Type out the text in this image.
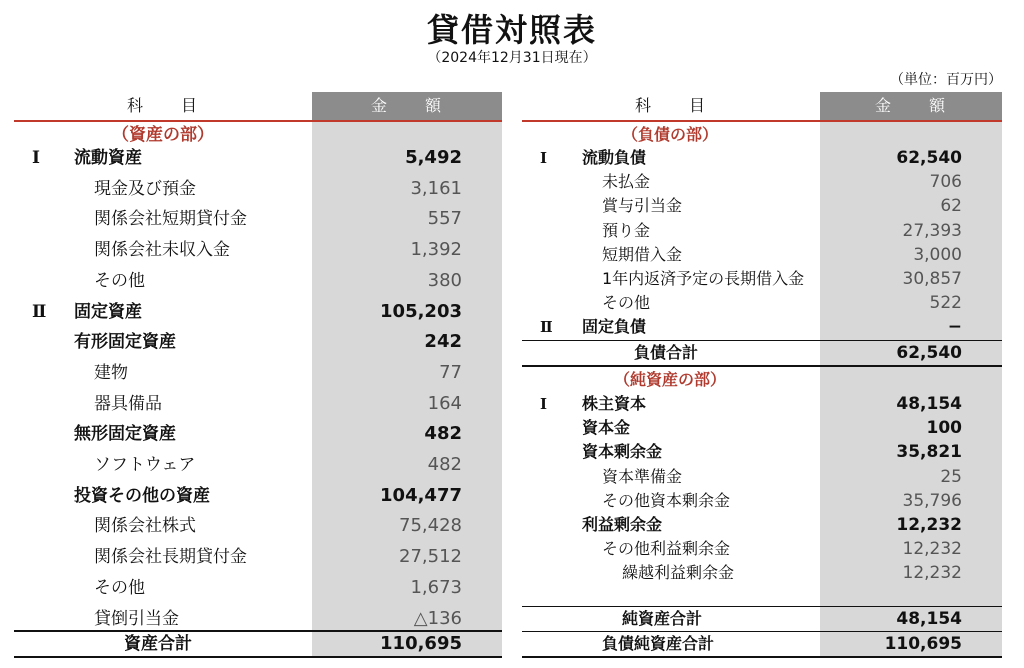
貸借対照表
（2024年12月31日現在）
（単位：百万円）
科　　目	金　　額
（資産の部）
Ⅰ 流動資産	5,492
現金及び預金	3,161
関係会社短期貸付金	557
関係会社未収入金	1,392
その他	380
Ⅱ 固定資産	105,203
有形固定資産	242
建物	77
器具備品	164
無形固定資産	482
ソフトウェア	482
投資その他の資産	104,477
関係会社株式	75,428
関係会社長期貸付金	27,512
その他	1,673
貸倒引当金	△136
資産合計	110,695
科　　目	金　　額
（負債の部）
Ⅰ 流動負債	62,540
未払金	706
賞与引当金	62
預り金	27,393
短期借入金	3,000
1年内返済予定の長期借入金	30,857
その他	522
Ⅱ 固定負債	−
負債合計	62,540
（純資産の部）
Ⅰ 株主資本	48,154
資本金	100
資本剰余金	35,821
資本準備金	25
その他資本剰余金	35,796
利益剰余金	12,232
その他利益剰余金	12,232
繰越利益剰余金	12,232
純資産合計	48,154
負債純資産合計	110,695
